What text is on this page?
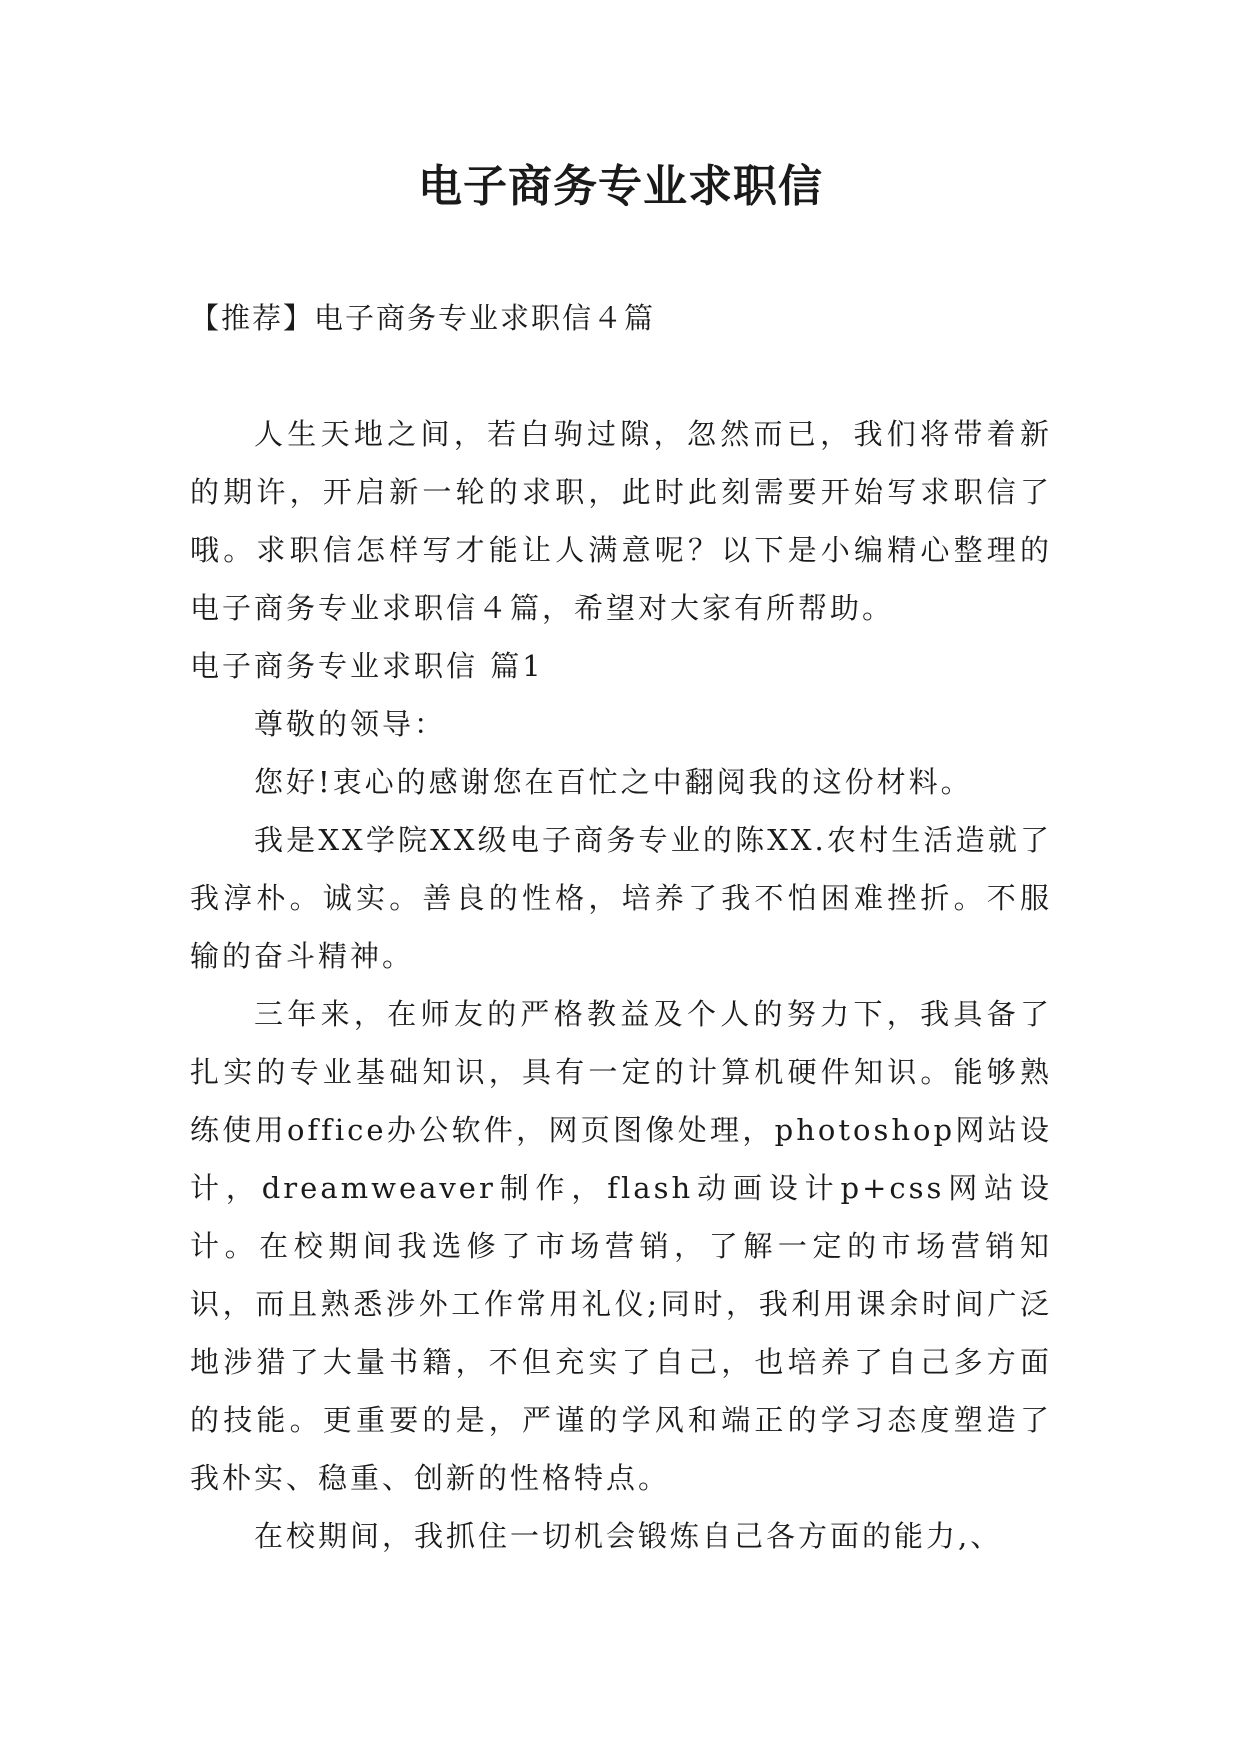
电子商务专业求职信
【推荐】电子商务专业求职信４篇

人生天地之间，若白驹过隙，忽然而已，我们将带着新的期许，开启新一轮的求职，此时此刻需要开始写求职信了哦。求职信怎样写才能让人满意呢？以下是小编精心整理的电子商务专业求职信４篇，希望对大家有所帮助。

电子商务专业求职信 篇1

尊敬的领导：

您好!衷心的感谢您在百忙之中翻阅我的这份材料。

我是XX学院XX级电子商务专业的陈XX.农村生活造就了我淳朴。诚实。善良的性格，培养了我不怕困难挫折。不服输的奋斗精神。

三年来，在师友的严格教益及个人的努力下，我具备了扎实的专业基础知识，具有一定的计算机硬件知识。能够熟练使用office办公软件，网页图像处理，photoshop网站设计，dreamweaver制作，flash动画设计p+css网站设计。在校期间我选修了市场营销，了解一定的市场营销知识，而且熟悉涉外工作常用礼仪;同时，我利用课余时间广泛地涉猎了大量书籍，不但充实了自己，也培养了自己多方面的技能。更重要的是，严谨的学风和端正的学习态度塑造了我朴实、稳重、创新的性格特点。

在校期间，我抓住一切机会锻炼自己各方面的能力,、
